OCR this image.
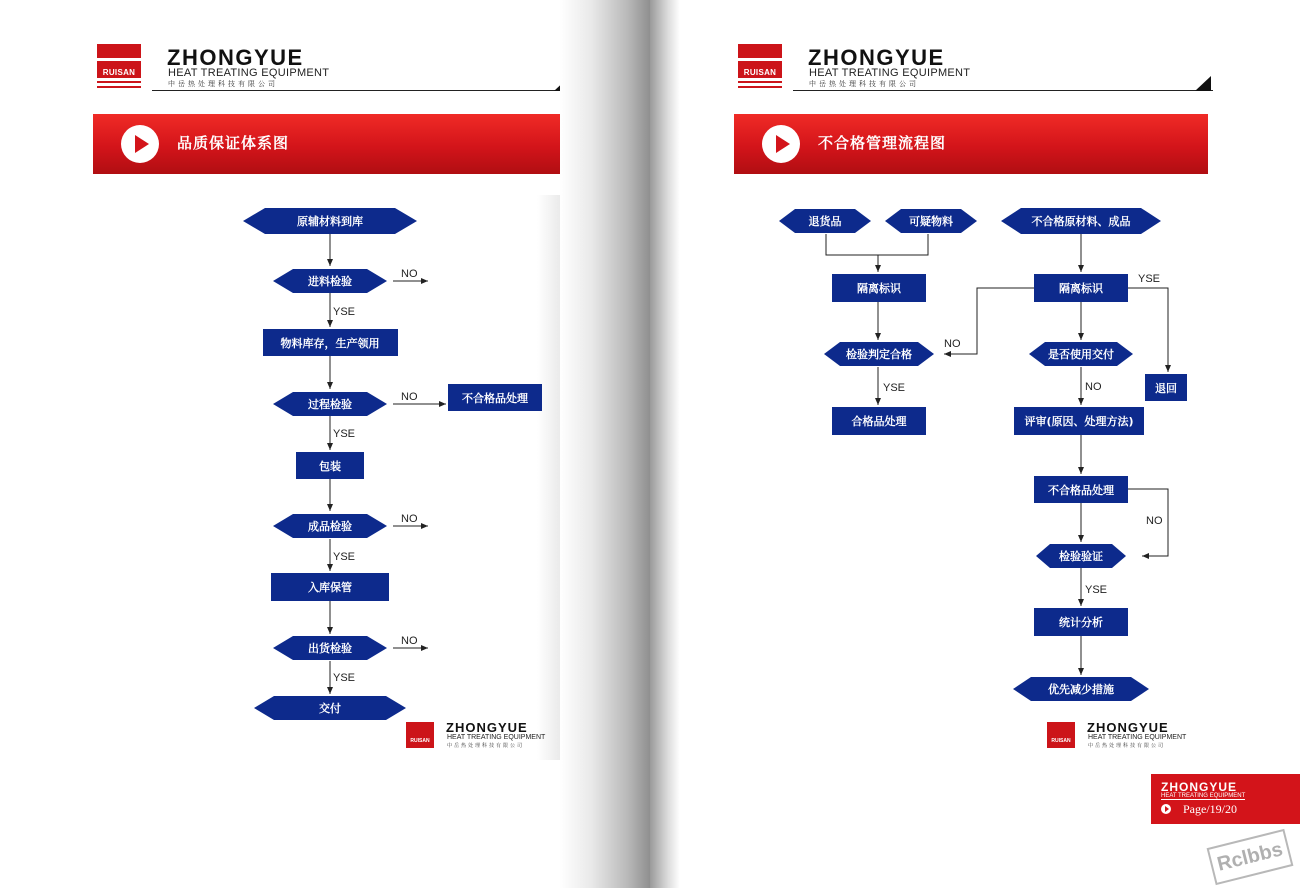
RUISAN
ZHONGYUE
HEAT TREATING EQUIPMENT
中岳热处理科技有限公司
品质保证体系图
NO
YSE
NO
YSE
NO
YSE
NO
YSE
原辅材料到库
进料检验
物料库存，生产领用
过程检验	不合格品处理
包装
成品检验
入库保管
出货检验
交付
RUISAN
ZHONGYUE
HEAT TREATING EQUIPMENT
中岳热处理科技有限公司
RUISAN
ZHONGYUE
HEAT TREATING EQUIPMENT
中岳热处理科技有限公司
不合格管理流程图
NO
YSE
YSE
NO
NO
YSE
退货品	可疑物料	不合格原材料、成品
隔离标识	隔离标识
检验判定合格	是否使用交付
退回
合格品处理	评审(原因、处理方法)
不合格品处理
检验验证
统计分析
优先减少措施
RUISAN
ZHONGYUE
HEAT TREATING EQUIPMENT
中岳热处理科技有限公司
ZHONGYUE
HEAT TREATING EQUIPMENT
Page/19/20
Rclbbs
